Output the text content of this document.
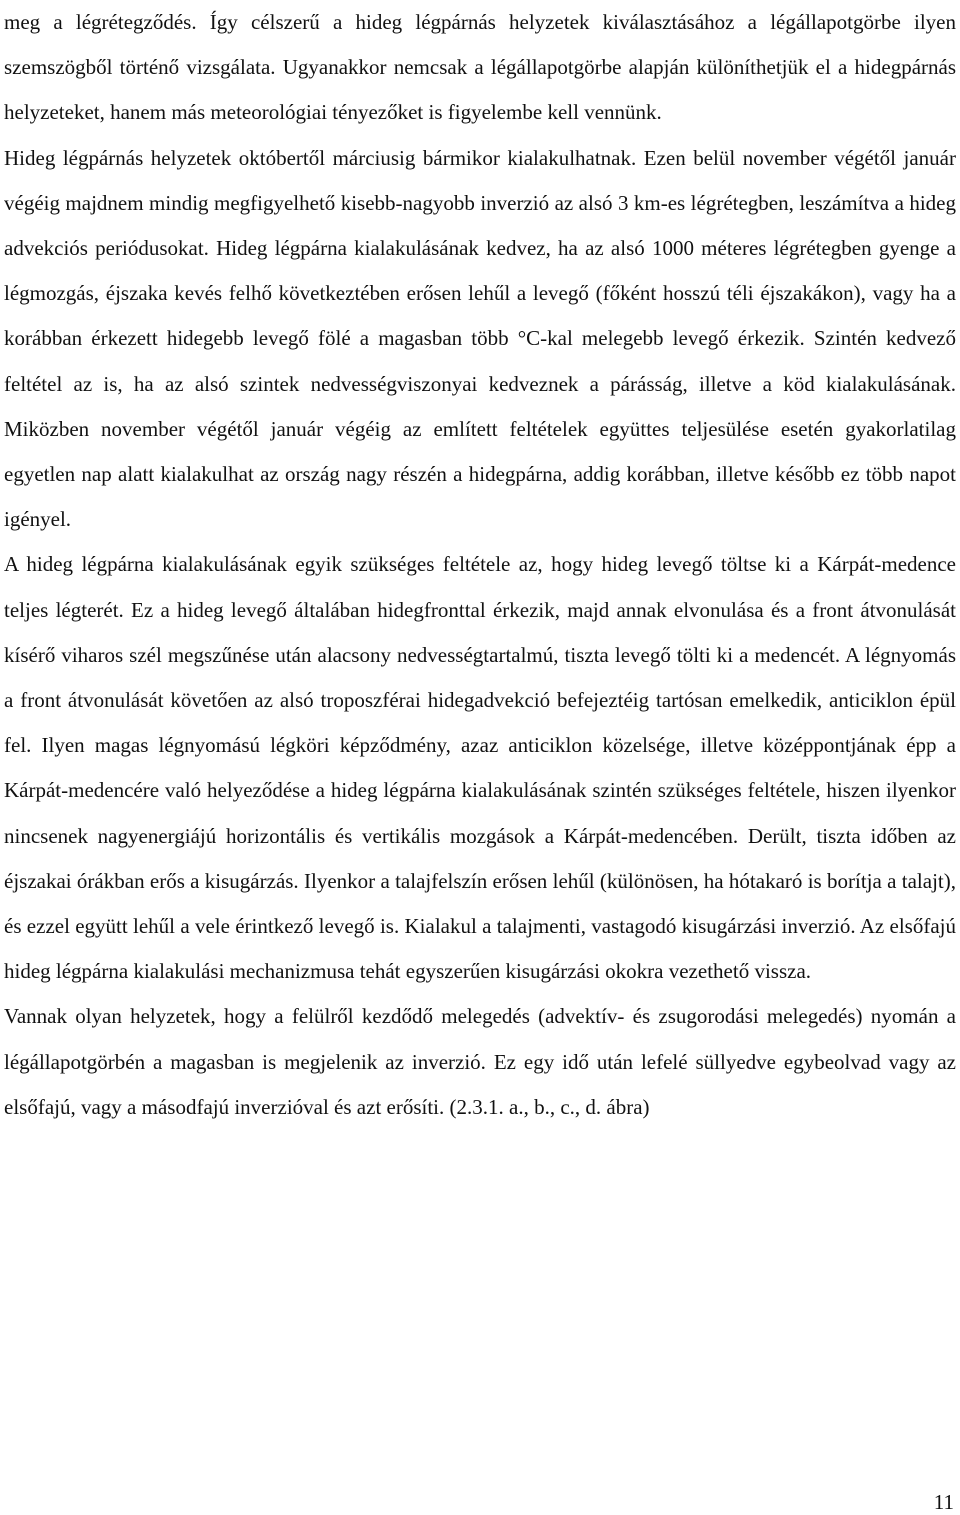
meg a légrétegződés. Így célszerű a hideg légpárnás helyzetek kiválasztásához a légállapotgörbe ilyen szemszögből történő vizsgálata. Ugyanakkor nemcsak a légállapotgörbe alapján különíthetjük el a hidegpárnás helyzeteket, hanem más meteorológiai tényezőket is figyelembe kell vennünk.

Hideg légpárnás helyzetek októbertől márciusig bármikor kialakulhatnak. Ezen belül november végétől január végéig majdnem mindig megfigyelhető kisebb-nagyobb inverzió az alsó 3 km-es légrétegben, leszámítva a hideg advekciós periódusokat. Hideg légpárna kialakulásának kedvez, ha az alsó 1000 méteres légrétegben gyenge a légmozgás, éjszaka kevés felhő következtében erősen lehűl a levegő (főként hosszú téli éjszakákon), vagy ha a korábban érkezett hidegebb levegő fölé a magasban több °C-kal melegebb levegő érkezik. Szintén kedvező feltétel az is, ha az alsó szintek nedvességviszonyai kedveznek a párásság, illetve a köd kialakulásának. Miközben november végétől január végéig az említett feltételek együttes teljesülése esetén gyakorlatilag egyetlen nap alatt kialakulhat az ország nagy részén a hidegpárna, addig korábban, illetve később ez több napot igényel.

A hideg légpárna kialakulásának egyik szükséges feltétele az, hogy hideg levegő töltse ki a Kárpát-medence teljes légterét. Ez a hideg levegő általában hidegfronttal érkezik, majd annak elvonulása és a front átvonulását kísérő viharos szél megszűnése után alacsony nedvességtartalmú, tiszta levegő tölti ki a medencét. A légnyomás a front átvonulását követően az alsó troposzférai hidegadvekció befejeztéig tartósan emelkedik, anticiklon épül fel. Ilyen magas légnyomású légköri képződmény, azaz anticiklon közelsége, illetve középpontjának épp a Kárpát-medencére való helyeződése a hideg légpárna kialakulásának szintén szükséges feltétele, hiszen ilyenkor nincsenek nagyenergiájú horizontális és vertikális mozgások a Kárpát-medencében. Derült, tiszta időben az éjszakai órákban erős a kisugárzás. Ilyenkor a talajfelszín erősen lehűl (különösen, ha hótakaró is borítja a talajt), és ezzel együtt lehűl a vele érintkező levegő is. Kialakul a talajmenti, vastagodó kisugárzási inverzió. Az elsőfajú hideg légpárna kialakulási mechanizmusa tehát egyszerűen kisugárzási okokra vezethető vissza.

Vannak olyan helyzetek, hogy a felülről kezdődő melegedés (advektív- és zsugorodási melegedés) nyomán a légállapotgörbén a magasban is megjelenik az inverzió. Ez egy idő után lefelé süllyedve egybeolvad vagy az elsőfajú, vagy a másodfajú inverzióval és azt erősíti. (2.3.1. a., b., c., d. ábra)

11
